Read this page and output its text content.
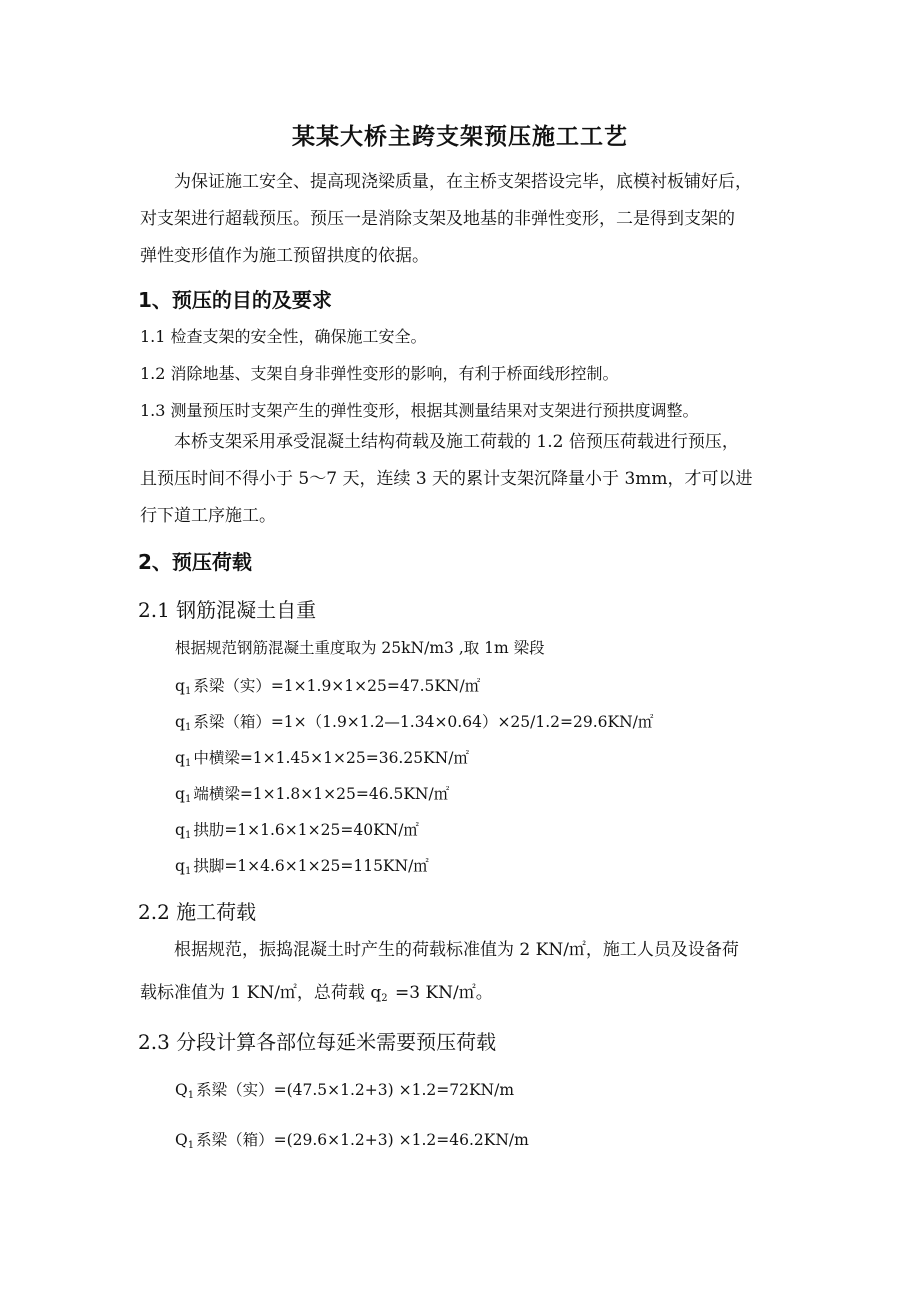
某某大桥主跨支架预压施工工艺
为保证施工安全、提高现浇梁质量，在主桥支架搭设完毕，底模衬板铺好后，
对支架进行超载预压。预压一是消除支架及地基的非弹性变形，二是得到支架的
弹性变形值作为施工预留拱度的依据。
1、预压的目的及要求
1.1 检查支架的安全性，确保施工安全。
1.2 消除地基、支架自身非弹性变形的影响，有利于桥面线形控制。
1.3 测量预压时支架产生的弹性变形，根据其测量结果对支架进行预拱度调整。
本桥支架采用承受混凝土结构荷载及施工荷载的 1.2 倍预压荷载进行预压，
且预压时间不得小于 5～7 天，连续 3 天的累计支架沉降量小于 3mm，才可以进
行下道工序施工。
2、预压荷载
2.1 钢筋混凝土自重
根据规范钢筋混凝土重度取为 25kN/m3 ,取 1m 梁段
$q_1$ 系梁（实）=1×1.9×1×25=47.5KN/㎡
$q_1$ 系梁（箱）=1×（1.9×1.2—1.34×0.64）×25/1.2=29.6KN/㎡
$q_1$ 中横梁=1×1.45×1×25=36.25KN/㎡
$q_1$ 端横梁=1×1.8×1×25=46.5KN/㎡
$q_1$ 拱肋=1×1.6×1×25=40KN/㎡
$q_1$ 拱脚=1×4.6×1×25=115KN/㎡
2.2 施工荷载
根据规范，振捣混凝土时产生的荷载标准值为 2 KN/㎡，施工人员及设备荷
载标准值为 1 KN/㎡，总荷载 $q_2 =3$ KN/㎡。
2.3 分段计算各部位每延米需要预压荷载
$Q_1$ 系梁（实）=(47.5×1.2+3) ×1.2=72KN/m
$Q_1$ 系梁（箱）=(29.6×1.2+3) ×1.2=46.2KN/m
